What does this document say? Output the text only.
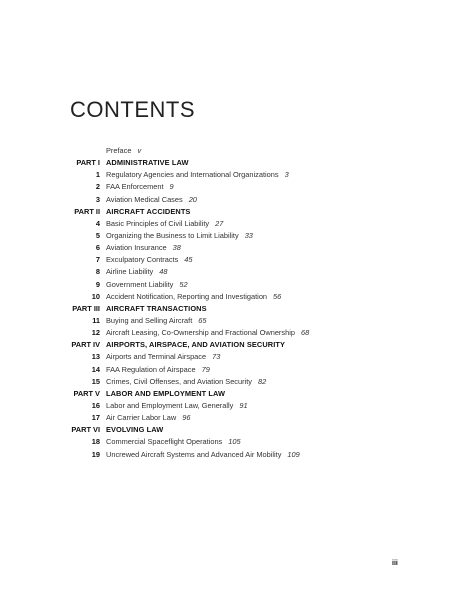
CONTENTS
Preface v
PART I ADMINISTRATIVE LAW
1 Regulatory Agencies and International Organizations 3
2 FAA Enforcement 9
3 Aviation Medical Cases 20
PART II AIRCRAFT ACCIDENTS
4 Basic Principles of Civil Liability 27
5 Organizing the Business to Limit Liability 33
6 Aviation Insurance 38
7 Exculpatory Contracts 45
8 Airline Liability 48
9 Government Liability 52
10 Accident Notification, Reporting and Investigation 56
PART III AIRCRAFT TRANSACTIONS
11 Buying and Selling Aircraft 65
12 Aircraft Leasing, Co-Ownership and Fractional Ownership 68
PART IV AIRPORTS, AIRSPACE, AND AVIATION SECURITY
13 Airports and Terminal Airspace 73
14 FAA Regulation of Airspace 79
15 Crimes, Civil Offenses, and Aviation Security 82
PART V LABOR AND EMPLOYMENT LAW
16 Labor and Employment Law, Generally 91
17 Air Carrier Labor Law 96
PART VI EVOLVING LAW
18 Commercial Spaceflight Operations 105
19 Uncrewed Aircraft Systems and Advanced Air Mobility 109
iii
